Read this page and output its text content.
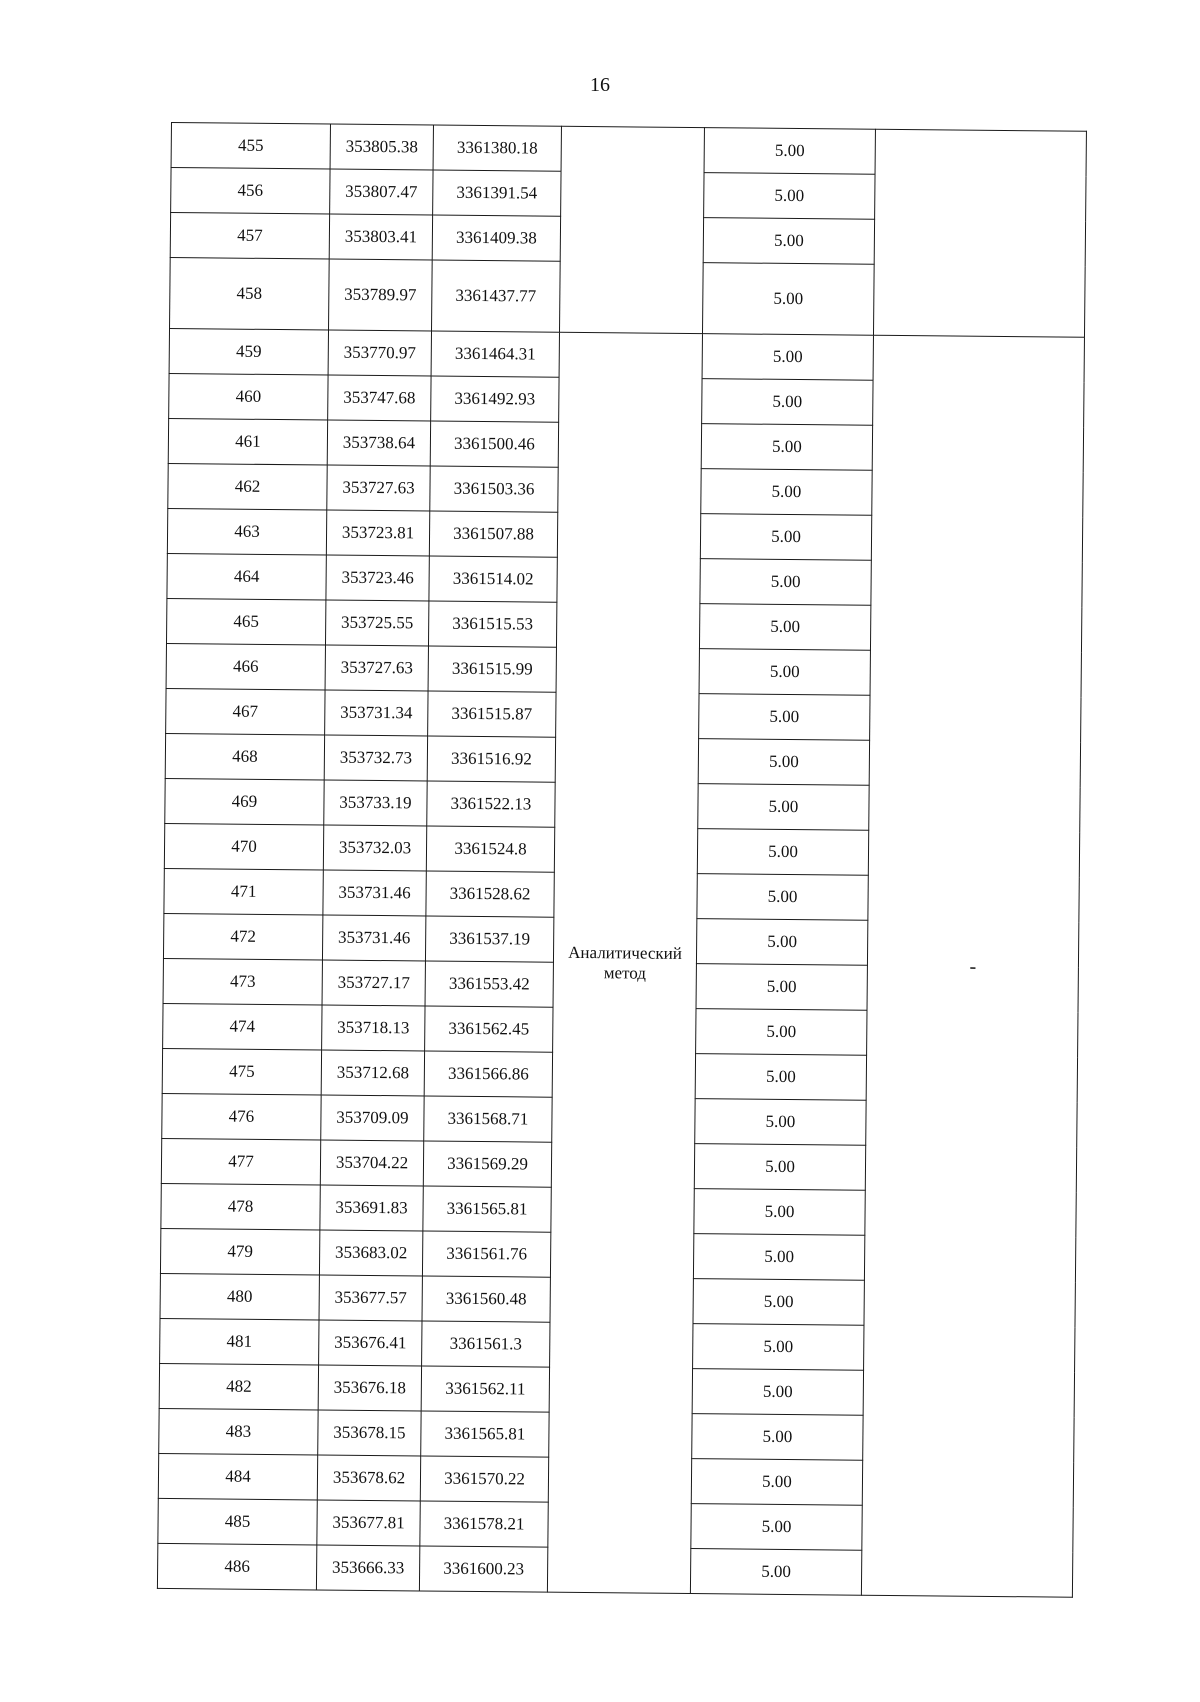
16
455	353805.38	3361380.18		5.00	
456	353807.47	3361391.54		5.00	
457	353803.41	3361409.38		5.00	
458	353789.97	3361437.77		5.00	
459	353770.97	3361464.31	Аналитический метод	5.00	-
460	353747.68	3361492.93		5.00	
461	353738.64	3361500.46		5.00	
462	353727.63	3361503.36		5.00	
463	353723.81	3361507.88		5.00	
464	353723.46	3361514.02		5.00	
465	353725.55	3361515.53		5.00	
466	353727.63	3361515.99		5.00	
467	353731.34	3361515.87		5.00	
468	353732.73	3361516.92		5.00	
469	353733.19	3361522.13		5.00	
470	353732.03	3361524.8		5.00	
471	353731.46	3361528.62		5.00	
472	353731.46	3361537.19		5.00	
473	353727.17	3361553.42		5.00	
474	353718.13	3361562.45		5.00	
475	353712.68	3361566.86		5.00	
476	353709.09	3361568.71		5.00	
477	353704.22	3361569.29		5.00	
478	353691.83	3361565.81		5.00	
479	353683.02	3361561.76		5.00	
480	353677.57	3361560.48		5.00	
481	353676.41	3361561.3		5.00	
482	353676.18	3361562.11		5.00	
483	353678.15	3361565.81		5.00	
484	353678.62	3361570.22		5.00	
485	353677.81	3361578.21		5.00	
486	353666.33	3361600.23		5.00	
